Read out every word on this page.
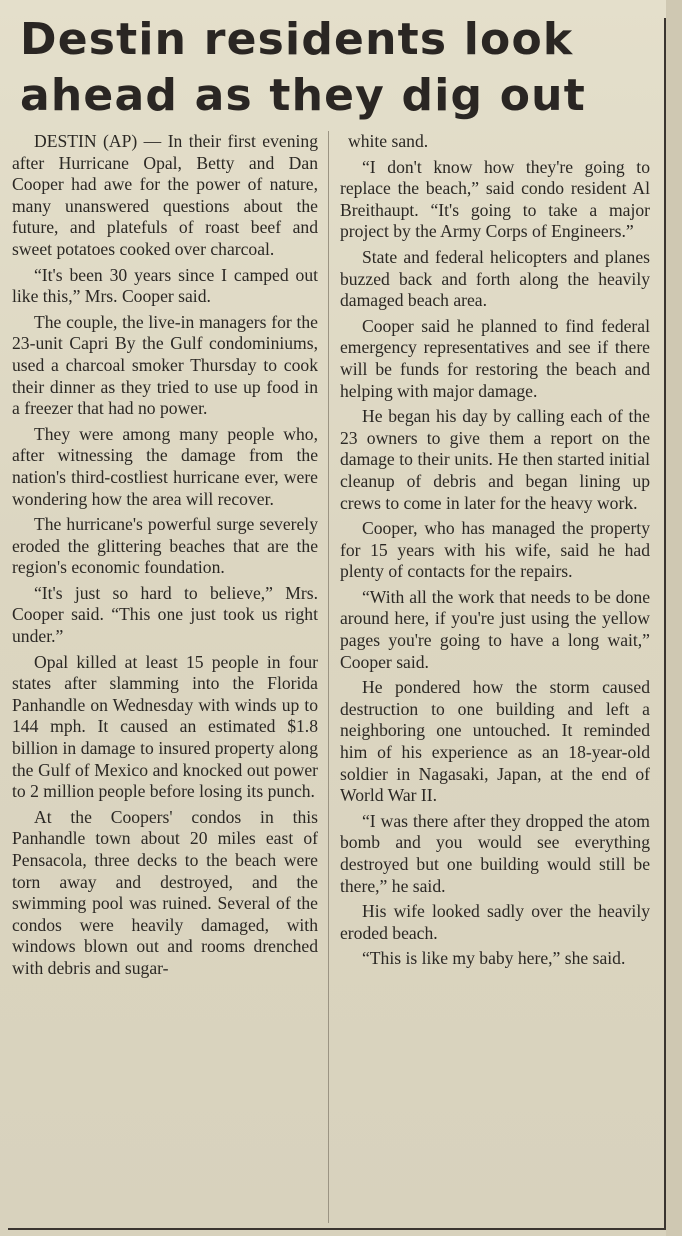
Destin residents look ahead as they dig out

DESTIN (AP) — In their first evening after Hurricane Opal, Betty and Dan Cooper had awe for the power of nature, many unanswered questions about the future, and platefuls of roast beef and sweet potatoes cooked over charcoal.

“It's been 30 years since I camped out like this,” Mrs. Cooper said.

The couple, the live-in managers for the 23-unit Capri By the Gulf condominiums, used a charcoal smoker Thursday to cook their dinner as they tried to use up food in a freezer that had no power.

They were among many people who, after witnessing the damage from the nation's third-costliest hurricane ever, were wondering how the area will recover.

The hurricane's powerful surge severely eroded the glittering beaches that are the region's economic foundation.

“It's just so hard to believe,” Mrs. Cooper said. “This one just took us right under.”

Opal killed at least 15 people in four states after slamming into the Florida Panhandle on Wednesday with winds up to 144 mph. It caused an estimated $1.8 billion in damage to insured property along the Gulf of Mexico and knocked out power to 2 million people before losing its punch.

At the Coopers' condos in this Panhandle town about 20 miles east of Pensacola, three decks to the beach were torn away and destroyed, and the swimming pool was ruined. Several of the condos were heavily damaged, with windows blown out and rooms drenched with debris and sugar-

white sand.

“I don't know how they're going to replace the beach,” said condo resident Al Breithaupt. “It's going to take a major project by the Army Corps of Engineers.”

State and federal helicopters and planes buzzed back and forth along the heavily damaged beach area.

Cooper said he planned to find federal emergency representatives and see if there will be funds for restoring the beach and helping with major damage.

He began his day by calling each of the 23 owners to give them a report on the damage to their units. He then started initial cleanup of debris and began lining up crews to come in later for the heavy work.

Cooper, who has managed the property for 15 years with his wife, said he had plenty of contacts for the repairs.

“With all the work that needs to be done around here, if you're just using the yellow pages you're going to have a long wait,” Cooper said.

He pondered how the storm caused destruction to one building and left a neighboring one untouched. It reminded him of his experience as an 18-year-old soldier in Nagasaki, Japan, at the end of World War II.

“I was there after they dropped the atom bomb and you would see everything destroyed but one building would still be there,” he said.

His wife looked sadly over the heavily eroded beach.

“This is like my baby here,” she said.
